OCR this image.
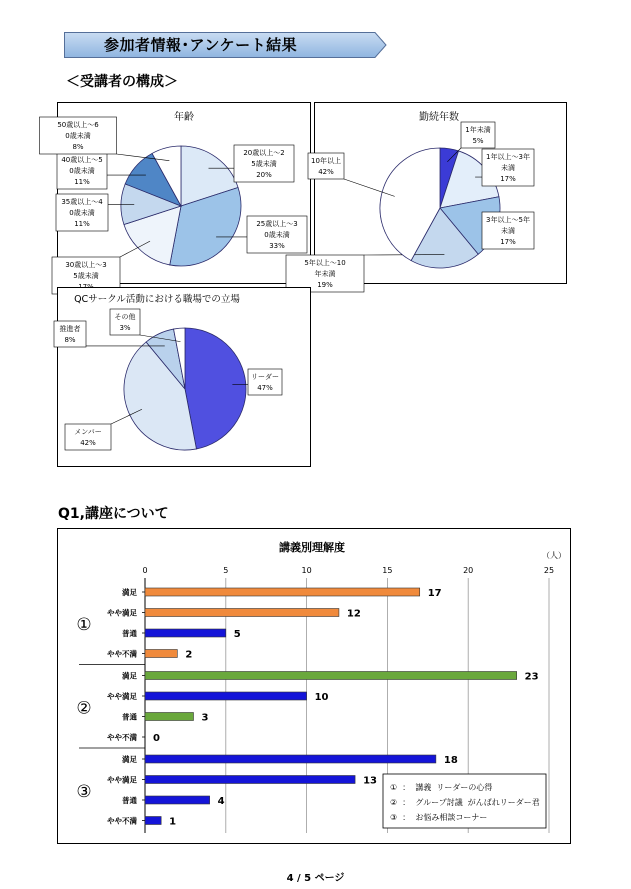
参加者情報･アンケート結果
＜受講者の構成＞
年齢
20歳以上～2 5歳未満 20%
25歳以上～3 0歳未満 33%
30歳以上～3 5歳未満
35歳以上～4 0歳未満 11%
40歳以上～5 0歳未満 11%
50歳以上～6 0歳未満 8%
勤続年数
1年未満 5%
1年以上～3年未満 17%
3年以上～5年未満 17%
5年以上～10 年未満 19%
10年以上 42%
QCサークル活動における職場での立場
リーダー 47%
メンバー 42%
推進者 8%
その他 3%
Q1,講座について
講義別理解度
（人）
0	5	10	15	20	25
満足	17
やや満足	12
普通	5
やや不満	2
①
満足	23
やや満足	10
普通	3
やや不満 0
②
満足	18
やや満足	13
普通	4
やや不満	1
③	①  ：  講義  リーダーの心得
②  ：  グループ討議  がんばれリーダー君
③  ：  お悩み相談コーナー
4 / 5 ページ
